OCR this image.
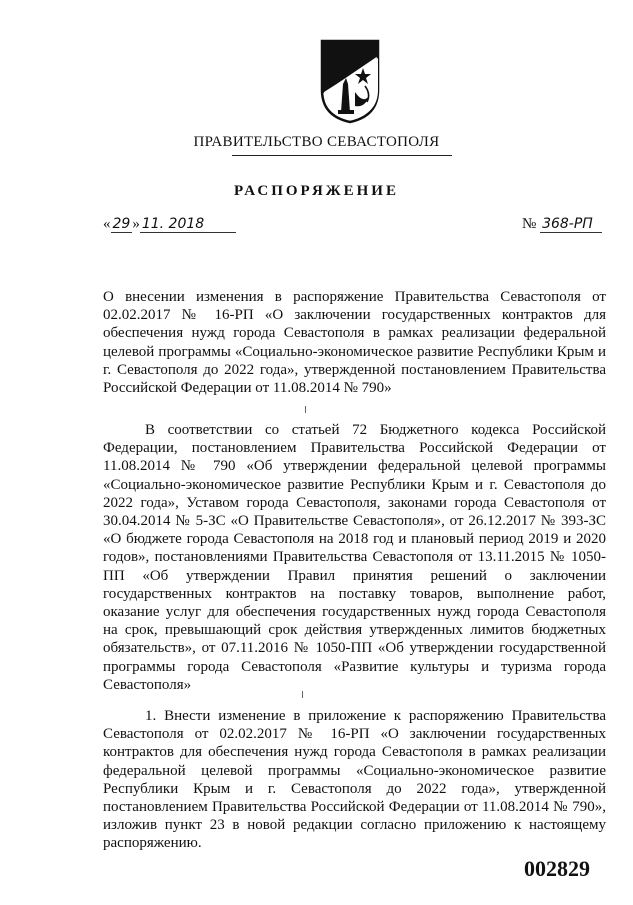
ПРАВИТЕЛЬСТВО СЕВАСТОПОЛЯ
РАСПОРЯЖЕНИЕ
« 29 » 11. 2018	№ 368-РП
О внесении изменения в распоряжение Правительства Севастополя от 02.02.2017 № 16-РП «О заключении государственных контрактов для обеспечения нужд города Севастополя в рамках реализации федеральной целевой программы «Социально-экономическое развитие Республики Крым и г. Севастополя до 2022 года», утвержденной постановлением Правительства Российской Федерации от 11.08.2014 № 790»
В соответствии со статьей 72 Бюджетного кодекса Российской Федерации, постановлением Правительства Российской Федерации от 11.08.2014 № 790 «Об утверждении федеральной целевой программы «Социально-экономическое развитие Республики Крым и г. Севастополя до 2022 года», Уставом города Севастополя, законами города Севастополя от 30.04.2014 № 5-ЗС «О Правительстве Севастополя», от 26.12.2017 № 393-ЗС «О бюджете города Севастополя на 2018 год и плановый период 2019 и 2020 годов», постановлениями Правительства Севастополя от 13.11.2015 № 1050-ПП «Об утверждении Правил принятия решений о заключении государственных контрактов на поставку товаров, выполнение работ, оказание услуг для обеспечения государственных нужд города Севастополя на срок, превышающий срок действия утвержденных лимитов бюджетных обязательств», от 07.11.2016 № 1050-ПП «Об утверждении государственной программы города Севастополя «Развитие культуры и туризма города Севастополя»
1. Внести изменение в приложение к распоряжению Правительства Севастополя от 02.02.2017 № 16-РП «О заключении государственных контрактов для обеспечения нужд города Севастополя в рамках реализации федеральной целевой программы «Социально-экономическое развитие Республики Крым и г. Севастополя до 2022 года», утвержденной постановлением Правительства Российской Федерации от 11.08.2014 № 790», изложив пункт 23 в новой редакции согласно приложению к настоящему распоряжению.
002829
